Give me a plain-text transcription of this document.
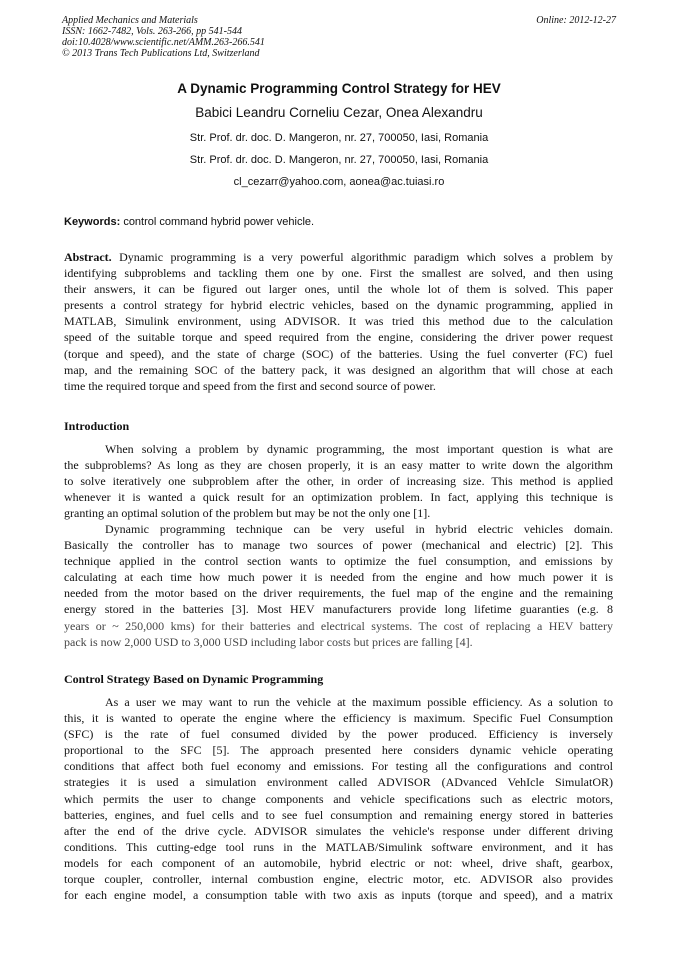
Applied Mechanics and Materials
ISSN: 1662-7482, Vols. 263-266, pp 541-544
doi:10.4028/www.scientific.net/AMM.263-266.541
© 2013 Trans Tech Publications Ltd, Switzerland
Online: 2012-12-27
A Dynamic Programming Control Strategy for HEV
Babici Leandru Corneliu Cezar, Onea Alexandru
Str. Prof. dr. doc. D. Mangeron, nr. 27, 700050, Iasi, Romania
Str. Prof. dr. doc. D. Mangeron, nr. 27, 700050, Iasi, Romania
cl_cezarr@yahoo.com, aonea@ac.tuiasi.ro
Keywords: control command hybrid power vehicle.
Abstract. Dynamic programming is a very powerful algorithmic paradigm which solves a problem by
identifying subproblems and tackling them one by one. First the smallest are solved, and then using
their answers, it can be figured out larger ones, until the whole lot of them is solved. This paper
presents a control strategy for hybrid electric vehicles, based on the dynamic programming, applied in
MATLAB, Simulink environment, using ADVISOR. It was tried this method due to the calculation
speed of the suitable torque and speed required from the engine, considering the driver power request
(torque and speed), and the state of charge (SOC) of the batteries. Using the fuel converter (FC) fuel
map, and the remaining SOC of the battery pack, it was designed an algorithm that will chose at each
time the required torque and speed from the first and second source of power.
Introduction
When solving a problem by dynamic programming, the most important question is what are
the subproblems? As long as they are chosen properly, it is an easy matter to write down the algorithm
to solve iteratively one subproblem after the other, in order of increasing size. This method is applied
whenever it is wanted a quick result for an optimization problem. In fact, applying this technique is
granting an optimal solution of the problem but may be not the only one [1].
Dynamic programming technique can be very useful in hybrid electric vehicles domain.
Basically the controller has to manage two sources of power (mechanical and electric) [2]. This
technique applied in the control section wants to optimize the fuel consumption, and emissions by
calculating at each time how much power it is needed from the engine and how much power it is
needed from the motor based on the driver requirements, the fuel map of the engine and the remaining
energy stored in the batteries [3]. Most HEV manufacturers provide long lifetime guaranties (e.g. 8
years or ~ 250,000 kms) for their batteries and electrical systems. The cost of replacing a HEV battery
pack is now 2,000 USD to 3,000 USD including labor costs but prices are falling [4].
Control Strategy Based on Dynamic Programming
As a user we may want to run the vehicle at the maximum possible efficiency. As a solution to
this, it is wanted to operate the engine where the efficiency is maximum. Specific Fuel Consumption
(SFC) is the rate of fuel consumed divided by the power produced. Efficiency is inversely
proportional to the SFC [5]. The approach presented here considers dynamic vehicle operating
conditions that affect both fuel economy and emissions. For testing all the configurations and control
strategies it is used a simulation environment called ADVISOR (ADvanced VehIcle SimulatOR)
which permits the user to change components and vehicle specifications such as electric motors,
batteries, engines, and fuel cells and to see fuel consumption and remaining energy stored in batteries
after the end of the drive cycle. ADVISOR simulates the vehicle's response under different driving
conditions. This cutting-edge tool runs in the MATLAB/Simulink software environment, and it has
models for each component of an automobile, hybrid electric or not: wheel, drive shaft, gearbox,
torque coupler, controller, internal combustion engine, electric motor, etc. ADVISOR also provides
for each engine model, a consumption table with two axis as inputs (torque and speed), and a matrix
